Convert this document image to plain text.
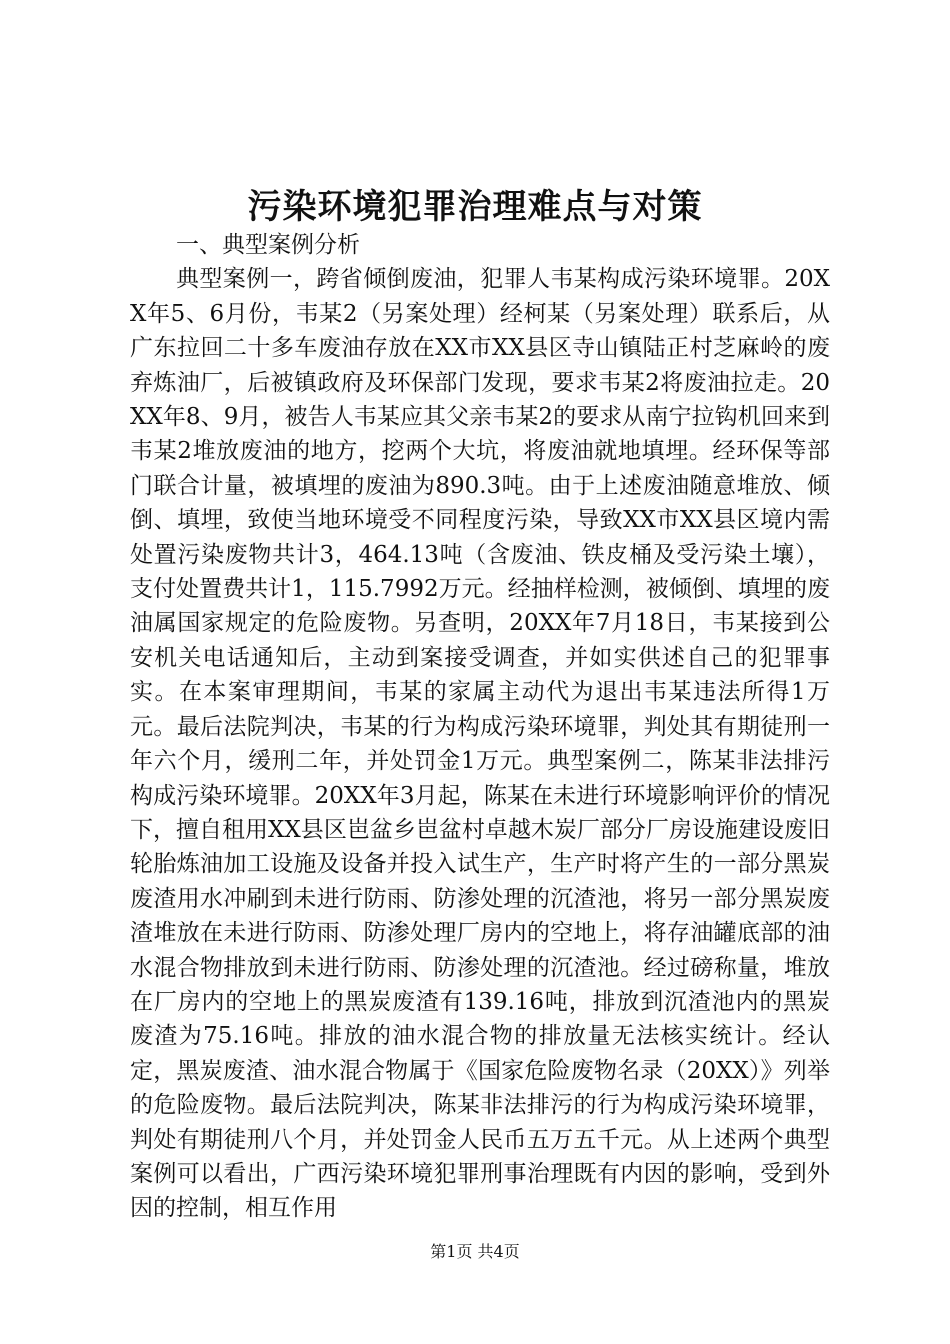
污染环境犯罪治理难点与对策

一、典型案例分析

典型案例一，跨省倾倒废油，犯罪人韦某构成污染环境罪。20XX年5、6月份，韦某2（另案处理）经柯某（另案处理）联系后，从广东拉回二十多车废油存放在XX市XX县区寺山镇陆正村芝麻岭的废弃炼油厂，后被镇政府及环保部门发现，要求韦某2将废油拉走。20XX年8、9月，被告人韦某应其父亲韦某2的要求从南宁拉钩机回来到韦某2堆放废油的地方，挖两个大坑，将废油就地填埋。经环保等部门联合计量，被填埋的废油为890.3吨。由于上述废油随意堆放、倾倒、填埋，致使当地环境受不同程度污染，导致XX市XX县区境内需处置污染废物共计3，464.13吨（含废油、铁皮桶及受污染土壤），支付处置费共计1，115.7992万元。经抽样检测，被倾倒、填埋的废油属国家规定的危险废物。另查明，20XX年7月18日，韦某接到公安机关电话通知后，主动到案接受调查，并如实供述自己的犯罪事实。在本案审理期间，韦某的家属主动代为退出韦某违法所得1万元。最后法院判决，韦某的行为构成污染环境罪，判处其有期徒刑一年六个月，缓刑二年，并处罚金1万元。典型案例二，陈某非法排污构成污染环境罪。20XX年3月起，陈某在未进行环境影响评价的情况下，擅自租用XX县区岜盆乡岜盆村卓越木炭厂部分厂房设施建设废旧轮胎炼油加工设施及设备并投入试生产，生产时将产生的一部分黑炭废渣用水冲刷到未进行防雨、防渗处理的沉渣池，将另一部分黑炭废渣堆放在未进行防雨、防渗处理厂房内的空地上，将存油罐底部的油水混合物排放到未进行防雨、防渗处理的沉渣池。经过磅称量，堆放在厂房内的空地上的黑炭废渣有139.16吨，排放到沉渣池内的黑炭废渣为75.16吨。排放的油水混合物的排放量无法核实统计。经认定，黑炭废渣、油水混合物属于《国家危险废物名录（20XX）》列举的危险废物。最后法院判决，陈某非法排污的行为构成污染环境罪，判处有期徒刑八个月，并处罚金人民币五万五千元。从上述两个典型案例可以看出，广西污染环境犯罪刑事治理既有内因的影响，受到外因的控制，相互作用

第1页 共4页
